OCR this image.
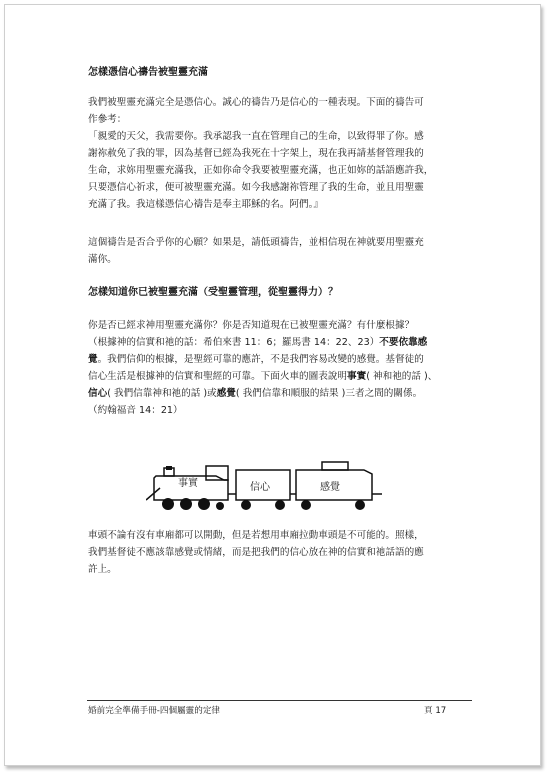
怎樣憑信心禱告被聖靈充滿

我們被聖靈充滿完全是憑信心。誠心的禱告乃是信心的一種表現。下面的禱告可

作參考：

「親愛的天父，我需要你。我承認我一直在管理自己的生命，以致得罪了你。感

謝祢赦免了我的罪，因為基督已經為我死在十字架上，現在我再請基督管理我的

生命，求妳用聖靈充滿我，正如你命令我要被聖靈充滿，也正如妳的話語應許我，

只要憑信心祈求，便可被聖靈充滿。如今我感謝祢管理了我的生命，並且用聖靈

充滿了我。我這樣憑信心禱告是奉主耶穌的名。阿們。』

這個禱告是否合乎你的心願？如果是，請低頭禱告，並相信現在神就要用聖靈充

滿你。

怎樣知道你已被聖靈充滿（受聖靈管理，從聖靈得力）？

你是否已經求神用聖靈充滿你？你是否知道現在已被聖靈充滿？有什麼根據？

（根據神的信實和祂的話：希伯來書 11：6；羅馬書 14：22、23）不要依靠感

覺。我們信仰的根據，是聖經可靠的應許，不是我們容易改變的感覺。基督徒的

信心生活是根據神的信實和聖經的可靠。下面火車的圖表說明事實( 神和祂的話 )、

信心( 我們信靠神和祂的話 )或感覺( 我們信靠和順服的結果 )三者之間的關係。

（約翰福音 14：21）

事實	信心	感覺

車頭不論有沒有車廂都可以開動，但是若想用車廂拉動車頭是不可能的。照樣，

我們基督徒不應該靠感覺或情緒，而是把我們的信心放在神的信實和祂話語的應

許上。

婚前完全準備手冊-四個屬靈的定律	頁 17
